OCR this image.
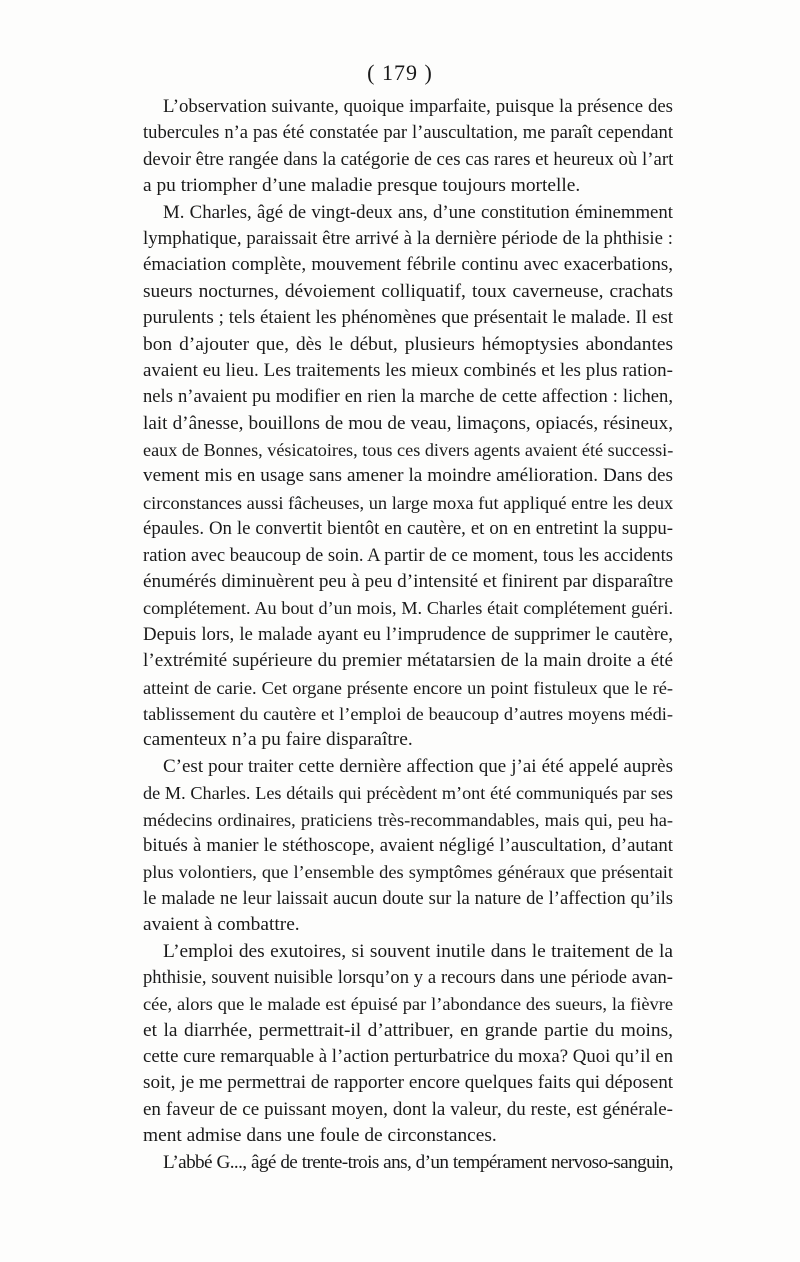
( 179 )
L’observation suivante, quoique imparfaite, puisque la présence des
tubercules n’a pas été constatée par l’auscultation, me paraît cependant
devoir être rangée dans la catégorie de ces cas rares et heureux où l’art
a pu triompher d’une maladie presque toujours mortelle.
M. Charles, âgé de vingt-deux ans, d’une constitution éminemment
lymphatique, paraissait être arrivé à la dernière période de la phthisie :
émaciation complète, mouvement fébrile continu avec exacerbations,
sueurs nocturnes, dévoiement colliquatif, toux caverneuse, crachats
purulents ; tels étaient les phénomènes que présentait le malade. Il est
bon d’ajouter que, dès le début, plusieurs hémoptysies abondantes
avaient eu lieu. Les traitements les mieux combinés et les plus ration-
nels n’avaient pu modifier en rien la marche de cette affection : lichen,
lait d’ânesse, bouillons de mou de veau, limaçons, opiacés, résineux,
eaux de Bonnes, vésicatoires, tous ces divers agents avaient été successi-
vement mis en usage sans amener la moindre amélioration. Dans des
circonstances aussi fâcheuses, un large moxa fut appliqué entre les deux
épaules. On le convertit bientôt en cautère, et on en entretint la suppu-
ration avec beaucoup de soin. A partir de ce moment, tous les accidents
énumérés diminuèrent peu à peu d’intensité et finirent par disparaître
complétement. Au bout d’un mois, M. Charles était complétement guéri.
Depuis lors, le malade ayant eu l’imprudence de supprimer le cautère,
l’extrémité supérieure du premier métatarsien de la main droite a été
atteint de carie. Cet organe présente encore un point fistuleux que le ré-
tablissement du cautère et l’emploi de beaucoup d’autres moyens médi-
camenteux n’a pu faire disparaître.
C’est pour traiter cette dernière affection que j’ai été appelé auprès
de M. Charles. Les détails qui précèdent m’ont été communiqués par ses
médecins ordinaires, praticiens très-recommandables, mais qui, peu ha-
bitués à manier le stéthoscope, avaient négligé l’auscultation, d’autant
plus volontiers, que l’ensemble des symptômes généraux que présentait
le malade ne leur laissait aucun doute sur la nature de l’affection qu’ils
avaient à combattre.
L’emploi des exutoires, si souvent inutile dans le traitement de la
phthisie, souvent nuisible lorsqu’on y a recours dans une période avan-
cée, alors que le malade est épuisé par l’abondance des sueurs, la fièvre
et la diarrhée, permettrait-il d’attribuer, en grande partie du moins,
cette cure remarquable à l’action perturbatrice du moxa? Quoi qu’il en
soit, je me permettrai de rapporter encore quelques faits qui déposent
en faveur de ce puissant moyen, dont la valeur, du reste, est générale-
ment admise dans une foule de circonstances.
L’abbé G..., âgé de trente-trois ans, d’un tempérament nervoso-sanguin,
